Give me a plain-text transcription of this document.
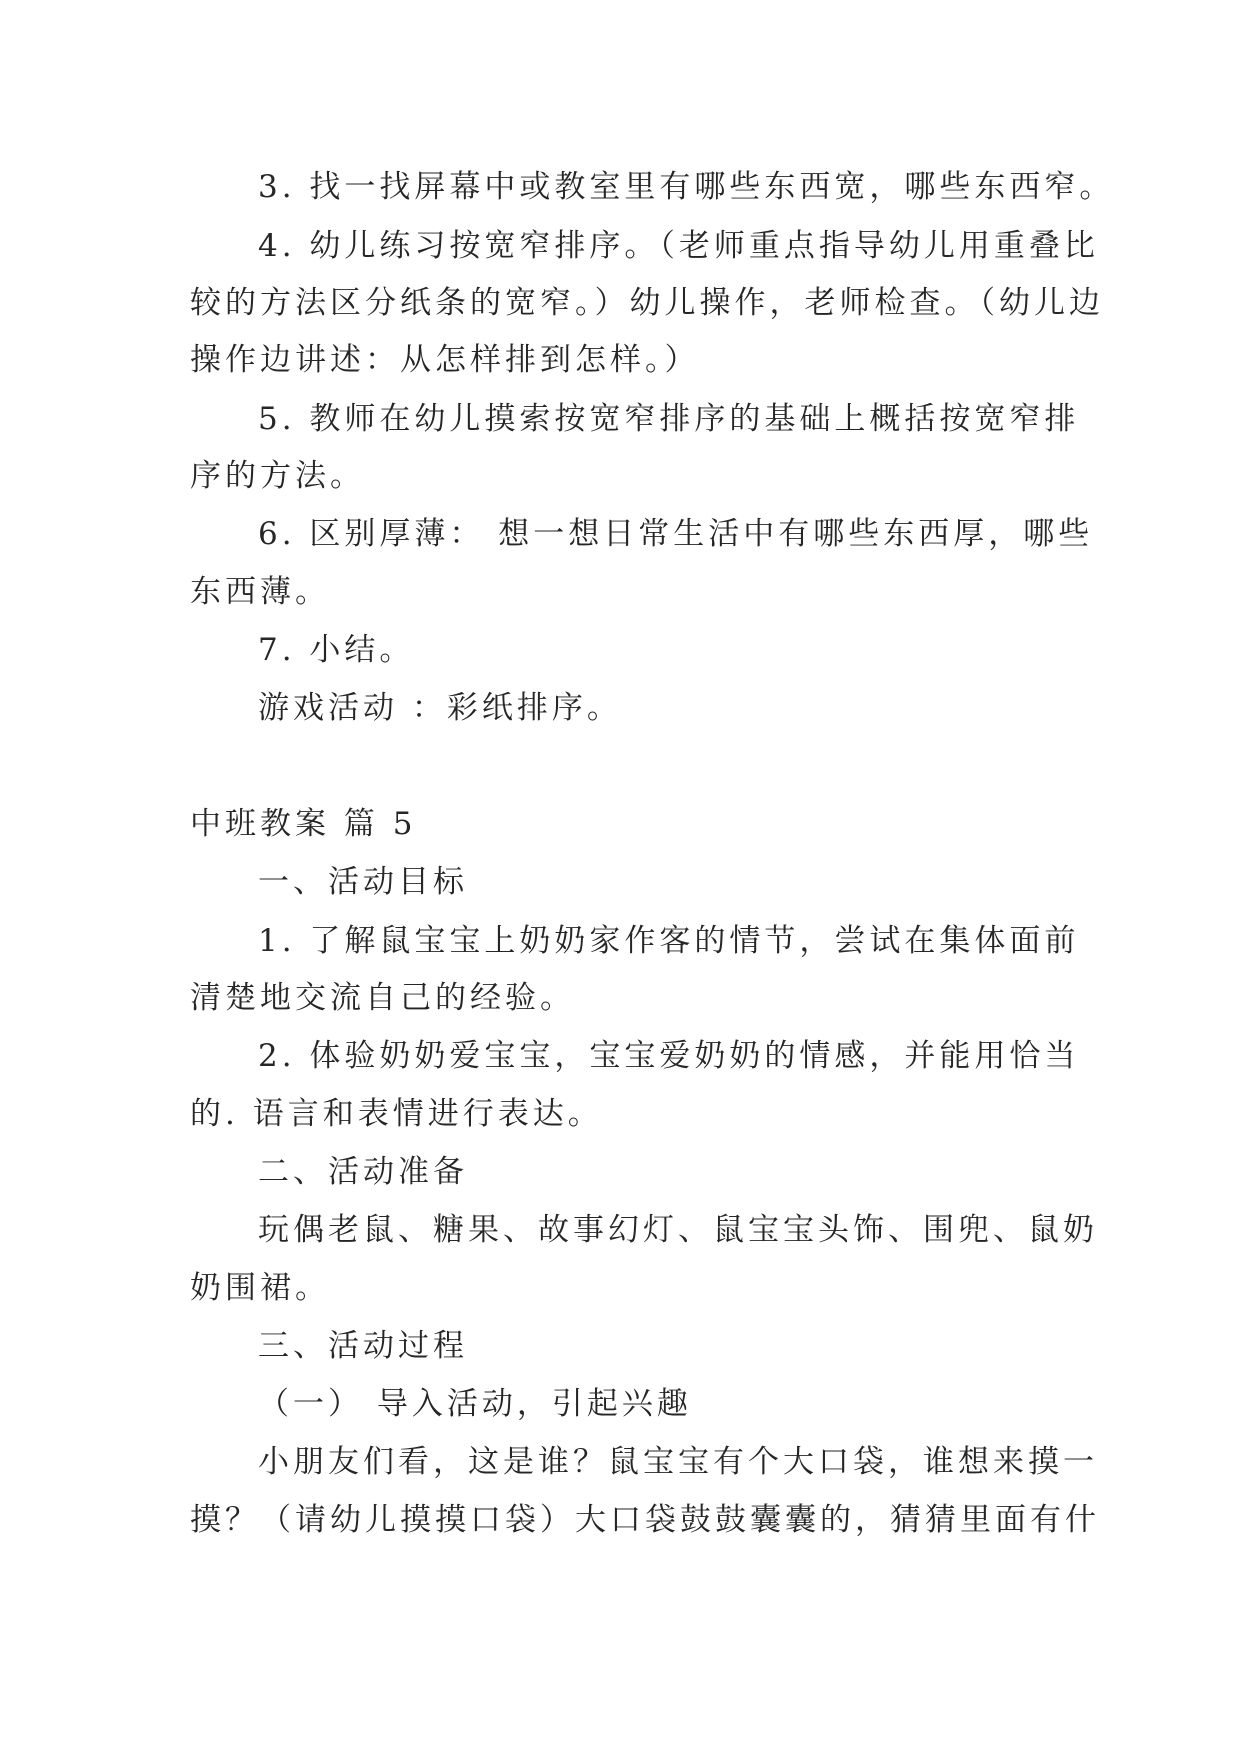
3. 找一找屏幕中或教室里有哪些东西宽，哪些东西窄。
4. 幼儿练习按宽窄排序。（老师重点指导幼儿用重叠比
较的方法区分纸条的宽窄。）幼儿操作，老师检查。（幼儿边
操作边讲述：从怎样排到怎样。）
5. 教师在幼儿摸索按宽窄排序的基础上概括按宽窄排
序的方法。
6. 区别厚薄： 想一想日常生活中有哪些东西厚，哪些
东西薄。
7. 小结。
游戏活动 ：彩纸排序。
中班教案 篇 5
一、活动目标
1. 了解鼠宝宝上奶奶家作客的情节，尝试在集体面前
清楚地交流自己的经验。
2. 体验奶奶爱宝宝，宝宝爱奶奶的情感，并能用恰当
的. 语言和表情进行表达。
二、活动准备
玩偶老鼠、糖果、故事幻灯、鼠宝宝头饰、围兜、鼠奶
奶围裙。
三、活动过程
（一） 导入活动，引起兴趣
小朋友们看，这是谁？鼠宝宝有个大口袋，谁想来摸一
摸？（请幼儿摸摸口袋）大口袋鼓鼓囊囊的，猜猜里面有什
